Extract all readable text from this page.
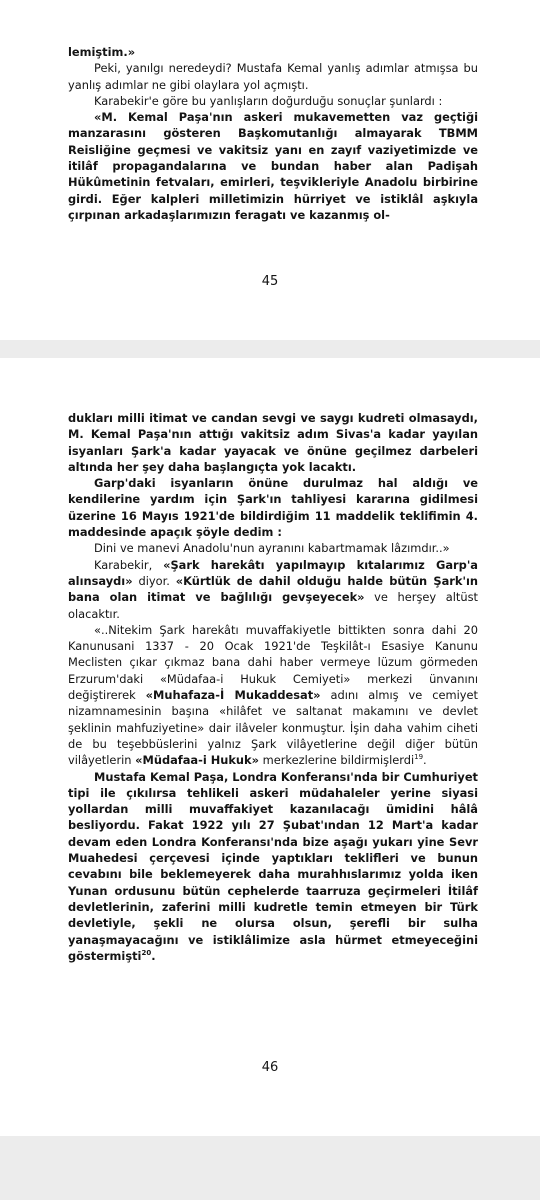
lemiştim.»

Peki, yanılgı neredeydi? Mustafa Kemal yanlış adımlar atmışsa bu yanlış adımlar ne gibi olaylara yol açmıştı.

Karabekir'e göre bu yanlışların doğurduğu sonuçlar şunlardı :

«M. Kemal Paşa'nın askeri mukavemetten vaz geçtiği manzarasını gösteren Başkomutanlığı almayarak TBMM Reisliğine geçmesi ve vakitsiz yanı en zayıf vaziyetimizde ve itilâf propagandalarına ve bundan haber alan Padişah Hükûmetinin fetvaları, emirleri, teşvikleriyle Anadolu birbirine girdi. Eğer kalpleri milletimizin hürriyet ve istiklâl aşkıyla çırpınan arkadaşlarımızın feragatı ve kazanmış ol-

45

dukları milli itimat ve candan sevgi ve saygı kudreti olmasaydı, M. Kemal Paşa'nın attığı vakitsiz adım Sivas'a kadar yayılan isyanları Şark'a kadar yayacak ve önüne geçilmez darbeleri altında her şey daha başlangıçta yok lacaktı.

Garp'daki isyanların önüne durulmaz hal aldığı ve kendilerine yardım için Şark'ın tahliyesi kararına gidilmesi üzerine 16 Mayıs 1921'de bildirdiğim 11 maddelik teklifimin 4. maddesinde apaçık şöyle dedim :

Dini ve manevi Anadolu'nun ayranını kabartmamak lâzımdır..»

Karabekir, «Şark harekâtı yapılmayıp kıtalarımız Garp'a alınsaydı» diyor. «Kürtlük de dahil olduğu halde bütün Şark'ın bana olan itimat ve bağlılığı gevşeyecek» ve herşey altüst olacaktır.

«..Nitekim Şark harekâtı muvaffakiyetle bittikten sonra dahi 20 Kanunusani 1337 - 20 Ocak 1921'de Teşkilât-ı Esasiye Kanunu Meclisten çıkar çıkmaz bana dahi haber vermeye lüzum görmeden Erzurum'daki «Müdafaa-i Hukuk Cemiyeti» merkezi ünvanını değiştirerek «Muhafaza-İ Mukaddesat» adını almış ve cemiyet nizamnamesinin başına «hilâfet ve saltanat makamını ve devlet şeklinin mahfuziyetine» dair ilâveler konmuştur. İşin daha vahim ciheti de bu teşebbüslerini yalnız Şark vilâyetlerine değil diğer bütün vilâyetlerin «Müdafaa-i Hukuk» merkezlerine bildirmişlerdi$^{19}$.

Mustafa Kemal Paşa, Londra Konferansı'nda bir Cumhuriyet tipi ile çıkılırsa tehlikeli askeri müdahaleler yerine siyasi yollardan milli muvaffakiyet kazanılacağı ümidini hâlâ besliyordu. Fakat 1922 yılı 27 Şubat'ından 12 Mart'a kadar devam eden Londra Konferansı'nda bize aşağı yukarı yine Sevr Muahedesi çerçevesi içinde yaptıkları teklifleri ve bunun cevabını bile beklemeyerek daha murahhıslarımız yolda iken Yunan ordusunu bütün cephelerde taarruza geçirmeleri İtilâf devletlerinin, zaferini milli kudretle temin etmeyen bir Türk devletiyle, şekli ne olursa olsun, şerefli bir sulha yanaşmayacağını ve istiklâlimize asla hürmet etmeyeceğini göstermişti$^{20}$.

46
